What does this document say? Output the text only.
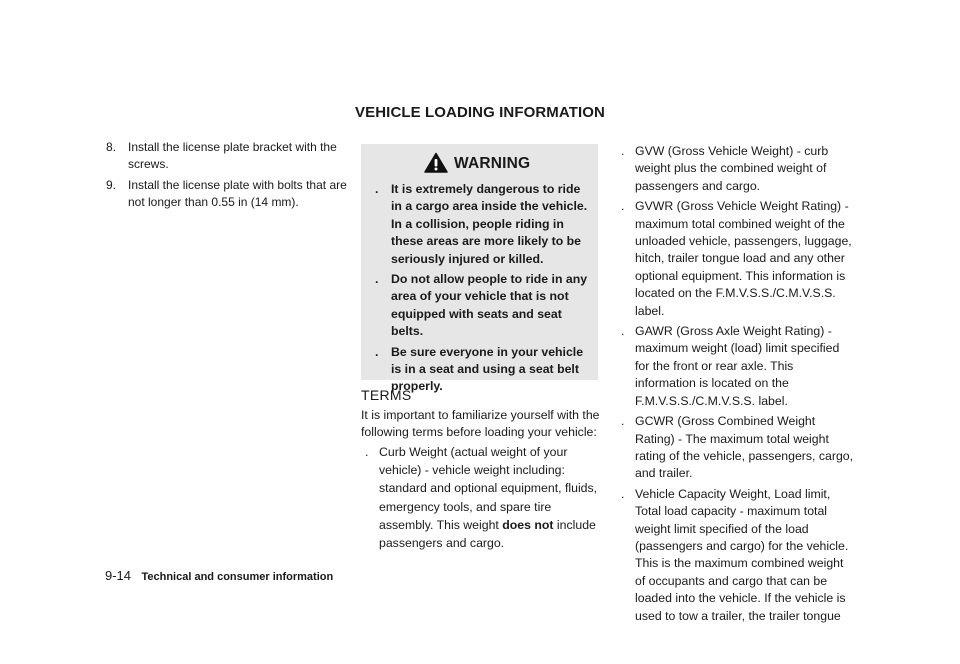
VEHICLE LOADING INFORMATION
8. Install the license plate bracket with the screws.
9. Install the license plate with bolts that are not longer than 0.55 in (14 mm).
WARNING
. It is extremely dangerous to ride in a cargo area inside the vehicle. In a collision, people riding in these areas are more likely to be seriously injured or killed.
. Do not allow people to ride in any area of your vehicle that is not equipped with seats and seat belts.
. Be sure everyone in your vehicle is in a seat and using a seat belt properly.
TERMS
It is important to familiarize yourself with the following terms before loading your vehicle:
. Curb Weight (actual weight of your vehicle) - vehicle weight including: standard and optional equipment, fluids, emergency tools, and spare tire assembly. This weight does not include passengers and cargo.
. GVW (Gross Vehicle Weight) - curb weight plus the combined weight of passengers and cargo.
. GVWR (Gross Vehicle Weight Rating) - maximum total combined weight of the unloaded vehicle, passengers, luggage, hitch, trailer tongue load and any other optional equipment. This information is located on the F.M.V.S.S./C.M.V.S.S. label.
. GAWR (Gross Axle Weight Rating) - maximum weight (load) limit specified for the front or rear axle. This information is located on the F.M.V.S.S./C.M.V.S.S. label.
. GCWR (Gross Combined Weight Rating) - The maximum total weight rating of the vehicle, passengers, cargo, and trailer.
. Vehicle Capacity Weight, Load limit, Total load capacity - maximum total weight limit specified of the load (passengers and cargo) for the vehicle. This is the maximum combined weight of occupants and cargo that can be loaded into the vehicle. If the vehicle is used to tow a trailer, the trailer tongue
9-14 Technical and consumer information
